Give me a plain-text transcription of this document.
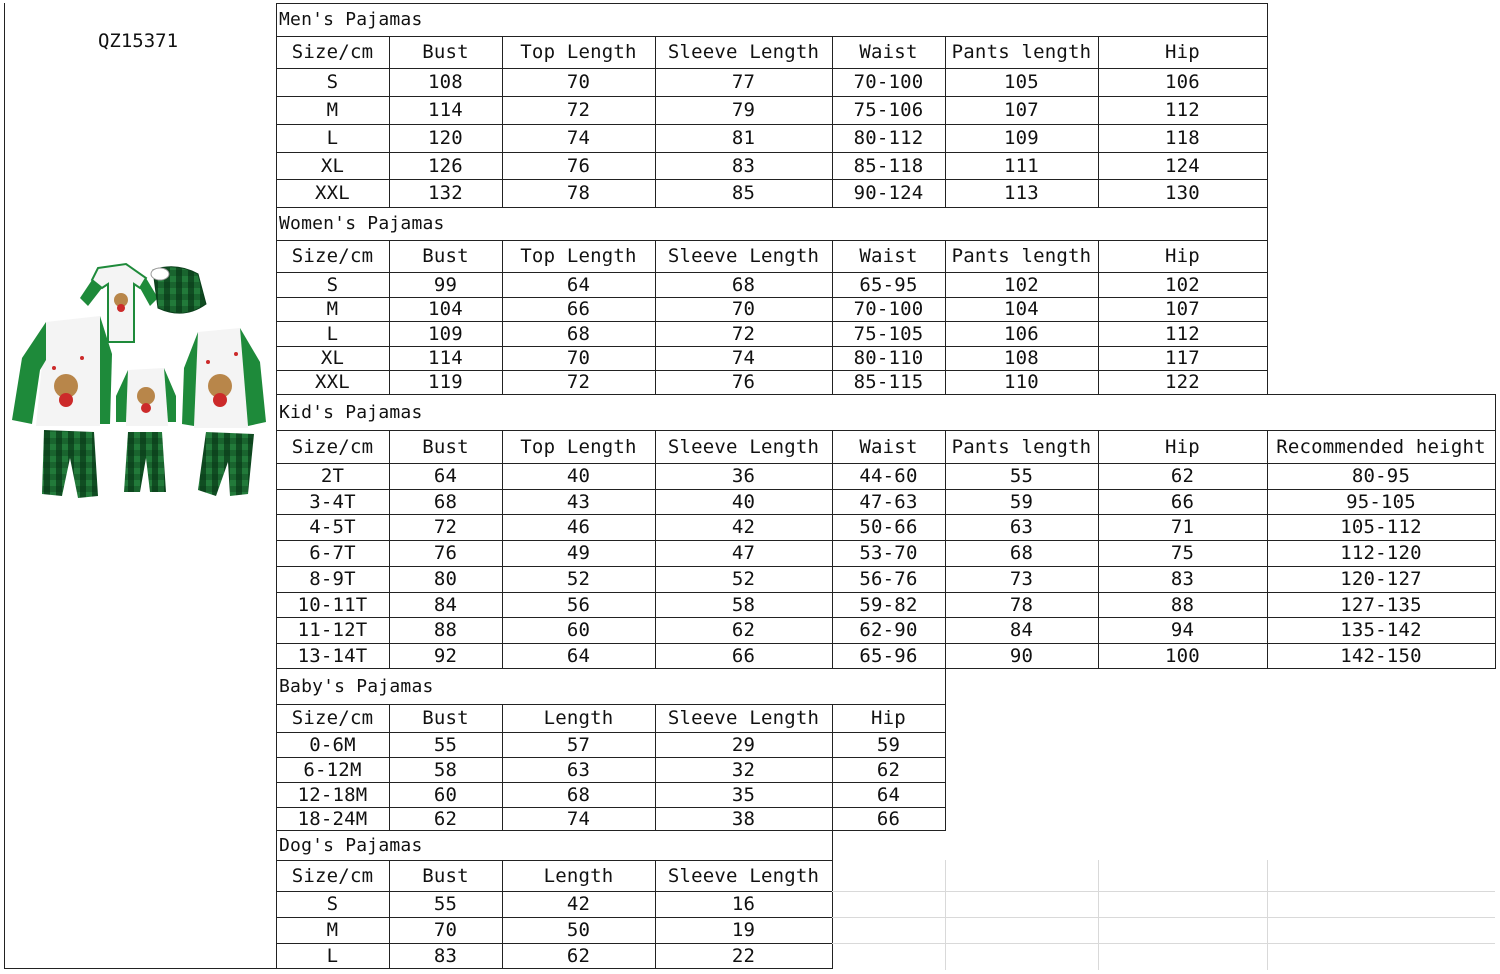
QZ15371
Men's Pajamas
Size/cm	Bust	Top Length	Sleeve Length	Waist	Pants length	Hip
S	108	70	77	70-100	105	106
M	114	72	79	75-106	107	112
L	120	74	81	80-112	109	118
XL	126	76	83	85-118	111	124
XXL	132	78	85	90-124	113	130
Women's Pajamas
Size/cm	Bust	Top Length	Sleeve Length	Waist	Pants length	Hip
S	99	64	68	65-95	102	102
M	104	66	70	70-100	104	107
L	109	68	72	75-105	106	112
XL	114	70	74	80-110	108	117
XXL	119	72	76	85-115	110	122
Kid's Pajamas
Size/cm	Bust	Top Length	Sleeve Length	Waist	Pants length	Hip	Recommended height
2T	64	40	36	44-60	55	62	80-95
3-4T	68	43	40	47-63	59	66	95-105
4-5T	72	46	42	50-66	63	71	105-112
6-7T	76	49	47	53-70	68	75	112-120
8-9T	80	52	52	56-76	73	83	120-127
10-11T	84	56	58	59-82	78	88	127-135
11-12T	88	60	62	62-90	84	94	135-142
13-14T	92	64	66	65-96	90	100	142-150
Baby's Pajamas
Size/cm	Bust	Length	Sleeve Length	Hip
0-6M	55	57	29	59
6-12M	58	63	32	62
12-18M	60	68	35	64
18-24M	62	74	38	66
Dog's Pajamas
Size/cm	Bust	Length	Sleeve Length
S	55	42	16
M	70	50	19
L	83	62	22
